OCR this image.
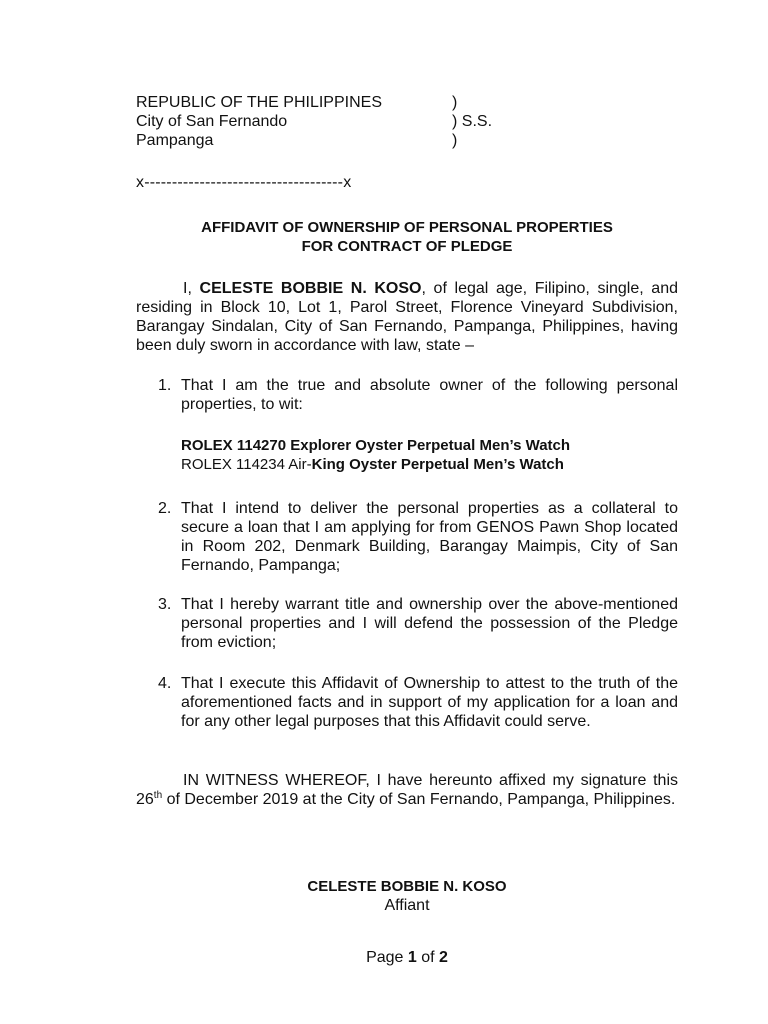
REPUBLIC OF THE PHILIPPINES	)
City of San Fernando	) S.S.
Pampanga	)
x------------------------------------x
AFFIDAVIT OF OWNERSHIP OF PERSONAL PROPERTIES
FOR CONTRACT OF PLEDGE
I, CELESTE BOBBIE N. KOSO, of legal age, Filipino, single, and residing in Block 10, Lot 1, Parol Street, Florence Vineyard Subdivision, Barangay Sindalan, City of San Fernando, Pampanga, Philippines, having been duly sworn in accordance with law, state –
1. That I am the true and absolute owner of the following personal properties, to wit:
ROLEX 114270 Explorer Oyster Perpetual Men’s Watch
ROLEX 114234 Air-King Oyster Perpetual Men’s Watch
2. That I intend to deliver the personal properties as a collateral to secure a loan that I am applying for from GENOS Pawn Shop located in Room 202, Denmark Building, Barangay Maimpis, City of San Fernando, Pampanga;
3. That I hereby warrant title and ownership over the above-mentioned personal properties and I will defend the possession of the Pledge from eviction;
4. That I execute this Affidavit of Ownership to attest to the truth of the aforementioned facts and in support of my application for a loan and for any other legal purposes that this Affidavit could serve.
IN WITNESS WHEREOF, I have hereunto affixed my signature this 26th of December 2019 at the City of San Fernando, Pampanga, Philippines.
CELESTE BOBBIE N. KOSO
Affiant
Page 1 of 2
